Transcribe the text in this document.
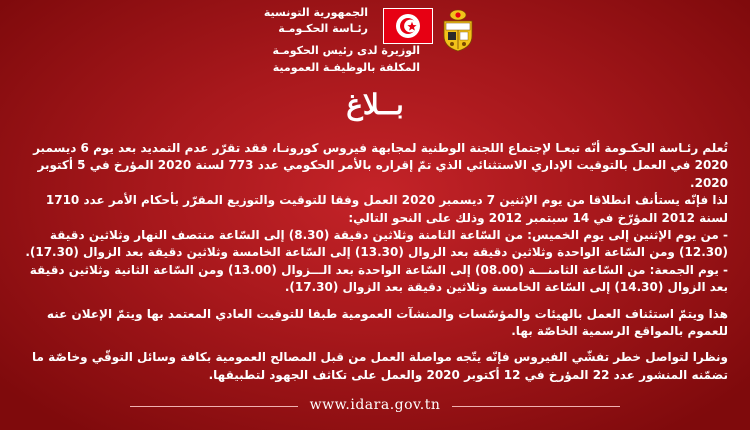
الجمهورية التونسية
رئـاسة الحكـومـة
الوزيرة لدى رئيس الحكومـة
المكلفة بالوظيفـة العمومية
بــلاغ

تُعلم رئـاسة الحكـومة أنّه تبعـا لإجتماع اللجنة الوطنية لمجابهة فيروس كورونـا، فقد تقرّر عدم التمديد بعد يوم 6 ديسمبر 2020 في العمل بالتوقيت الإداري الاستثنائي الذي تمّ إقراره بالأمر الحكومي عدد 773 لسنة 2020 المؤرخ في 5 أكتوبر 2020.

لذا فإنّه يستأنف انطلاقا من يوم الإثنين 7 ديسمبر 2020 العمل وفقا للتوقيت والتوزيع المقرّر بأحكام الأمر عدد 1710 لسنة 2012 المؤرّخ في 14 سبتمبر 2012 وذلك على النحو التالي:

- من يوم الإثنين إلى يوم الخميس: من السّاعة الثامنة وثلاثين دقيقة (8.30) إلى السّاعة منتصف النهار وثلاثين دقيقة (12.30) ومن السّاعة الواحدة وثلاثين دقيقة بعد الزوال (13.30) إلى السّاعة الخامسة وثلاثين دقيقة بعد الزوال (17.30).

- يوم الجمعة: من السّاعة الثامنـــة (08.00) إلى السّاعة الواحدة بعد الـــزوال (13.00) ومن السّاعة الثانية وثلاثين دقيقة بعد الزوال (14.30) إلى السّاعة الخامسة وثلاثين دقيقة بعد الزوال (17.30).

هذا ويتمّ استئناف العمل بالهيئات والمؤسّسات والمنشآت العمومية طبقا للتوقيت العادي المعتمد بها ويتمّ الإعلان عنه للعموم بالمواقع الرسمية الخاصّة بها.

ونظرا لتواصل خطر تفشّي الفيروس فإنّه يتّجه مواصلة العمل من قبل المصالح العمومية بكافة وسائل التوقّي وخاصّة ما تضمّنه المنشور عدد 22 المؤرخ في 12 أكتوبر 2020 والعمل على تكاثف الجهود لتطبيقها.

www.idara.gov.tn
